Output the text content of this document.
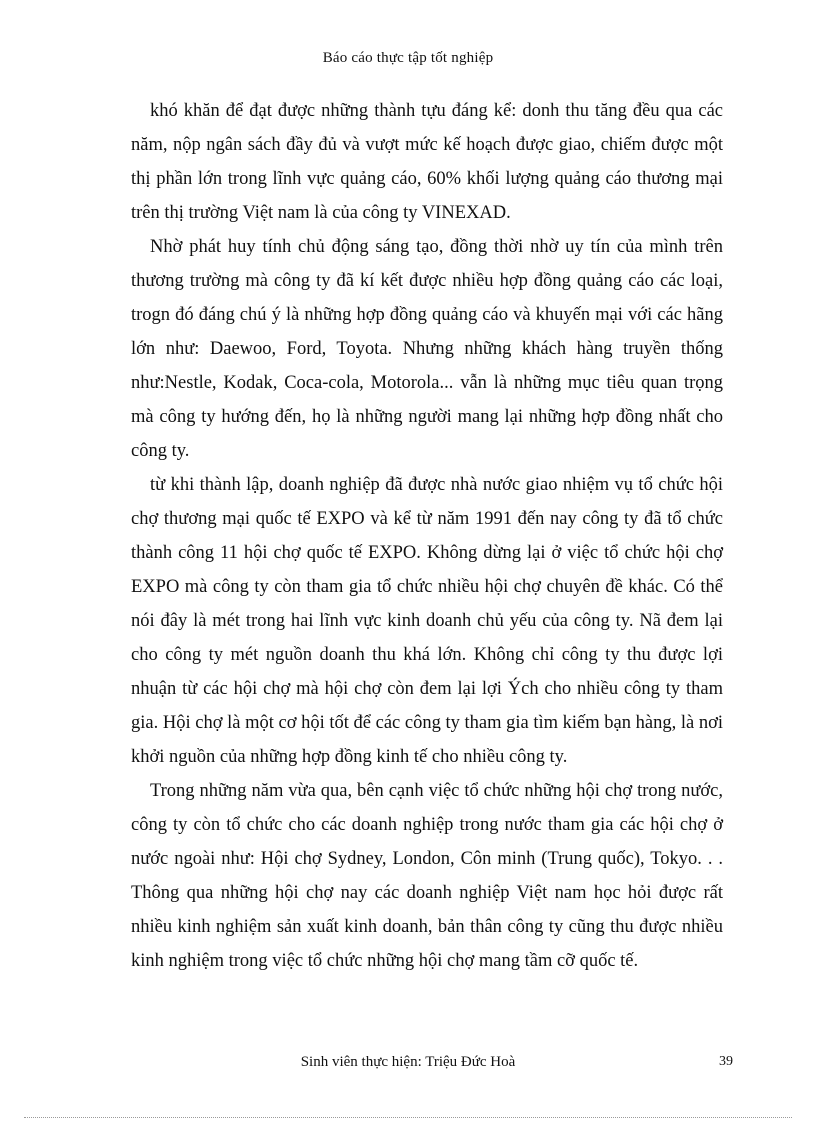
Báo cáo thực tập tốt nghiệp

khó khăn để đạt được những thành tựu đáng kể: donh thu tăng đều qua các năm, nộp ngân sách đầy đủ và vượt mức kế hoạch được giao, chiếm được một thị phần lớn trong lĩnh vực quảng cáo, 60% khối lượng quảng cáo thương mại trên thị trường Việt nam là của công ty VINEXAD.

Nhờ phát huy tính chủ động sáng tạo, đồng thời nhờ uy tín của mình trên thương trường mà công ty đã kí kết được nhiều hợp đồng quảng cáo các loại, trogn đó đáng chú ý là những hợp đồng quảng cáo và khuyến mại với các hãng lớn như: Daewoo, Ford, Toyota. Nhưng những khách hàng truyền thống như:Nestle, Kodak, Coca-cola, Motorola... vẫn là những mục tiêu quan trọng mà công ty hướng đến, họ là những người mang lại những hợp đồng nhất cho công ty.

từ khi thành lập, doanh nghiệp đã được nhà nước giao nhiệm vụ tổ chức hội chợ thương mại quốc tế EXPO và kể từ năm 1991 đến nay công ty đã tổ chức thành công 11 hội chợ quốc tế EXPO. Không dừng lại ở việc tổ chức hội chợ EXPO mà công ty còn tham gia tổ chức nhiều hội chợ chuyên đề khác. Có thể nói đây là mét trong hai lĩnh vực kinh doanh chủ yếu của công ty. Nã đem lại cho công ty mét nguồn doanh thu khá lớn. Không chỉ công ty thu được lợi nhuận từ các hội chợ mà hội chợ còn đem lại lợi Ých cho nhiều công ty tham gia. Hội chợ là một cơ hội tốt để các công ty tham gia tìm kiếm bạn hàng, là nơi khởi nguồn của những hợp đồng kinh tế cho nhiều công ty.

Trong những năm vừa qua, bên cạnh việc tổ chức những hội chợ trong nước, công ty còn tổ chức cho các doanh nghiệp trong nước tham gia các hội chợ ở nước ngoài như: Hội chợ Sydney, London, Côn minh (Trung quốc), Tokyo. . . Thông qua những hội chợ nay các doanh nghiệp Việt nam học hỏi được rất nhiều kinh nghiệm sản xuất kinh doanh, bản thân công ty cũng thu được nhiều kinh nghiệm trong việc tổ chức những hội chợ mang tầm cỡ quốc tế.

Sinh viên thực hiện: Triệu Đức Hoà	39
